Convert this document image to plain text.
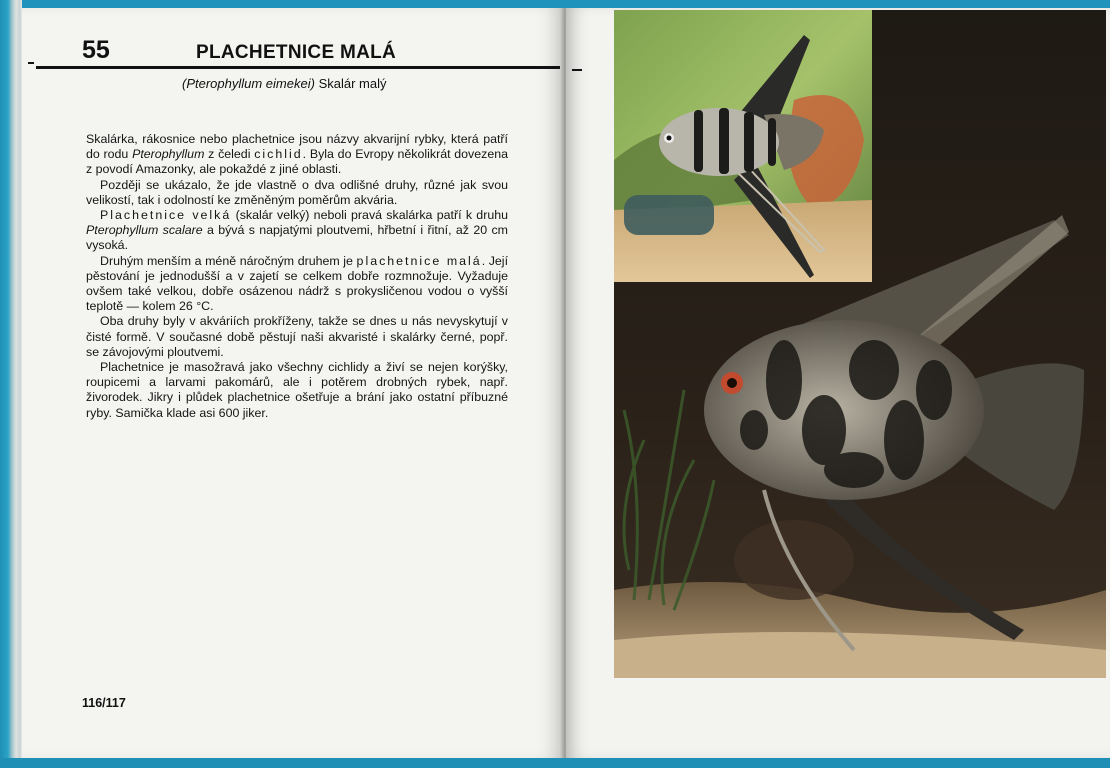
55	PLACHETNICE MALÁ
(Pterophyllum eimekei) Skalár malý

Skalárka, rákosnice nebo plachetnice jsou názvy akvarijní rybky, která patří do rodu Pterophyllum z čeledi cichlid. Byla do Evropy několikrát dovezena z povodí Amazonky, ale pokaždé z jiné oblasti.

Později se ukázalo, že jde vlastně o dva odlišné druhy, různé jak svou velikostí, tak i odolností ke změněným poměrům akvária.

Plachetnice velká (skalár velký) neboli pravá skalárka patří k druhu Pterophyllum scalare a bývá s napjatými ploutvemi, hřbetní i řitní, až 20 cm vysoká.

Druhým menším a méně náročným druhem je plachetnice malá. Její pěstování je jednodušší a v zajetí se celkem dobře rozmnožuje. Vyžaduje ovšem také velkou, dobře osázenou nádrž s prokysličenou vodou o vyšší teplotě — kolem 26 °C.

Oba druhy byly v akváriích prokříženy, takže se dnes u nás nevyskytují v čisté formě. V současné době pěstují naši akvaristé i skalárky černé, popř. se závojovými ploutvemi.

Plachetnice je masožravá jako všechny cichlidy a živí se nejen korýšky, roupicemi a larvami pakomárů, ale i potěrem drobných rybek, např. živorodek. Jikry i plůdek plachetnice ošetřuje a brání jako ostatní příbuzné ryby. Samička klade asi 600 jiker.

116/117
